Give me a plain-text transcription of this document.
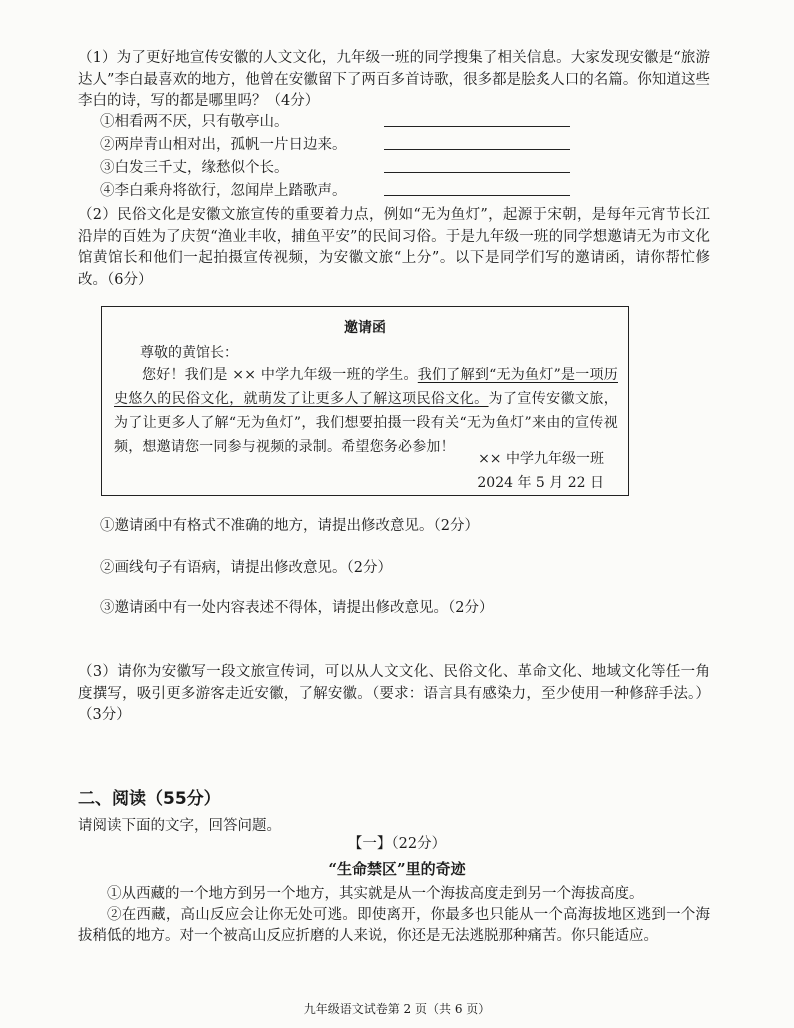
（1）为了更好地宣传安徽的人文文化，九年级一班的同学搜集了相关信息。大家发现安徽是“旅游达人”李白最喜欢的地方，他曾在安徽留下了两百多首诗歌，很多都是脍炙人口的名篇。你知道这些李白的诗，写的都是哪里吗？（4分）
①相看两不厌，只有敬亭山。
②两岸青山相对出，孤帆一片日边来。
③白发三千丈，缘愁似个长。
④李白乘舟将欲行，忽闻岸上踏歌声。
（2）民俗文化是安徽文旅宣传的重要着力点，例如“无为鱼灯”，起源于宋朝，是每年元宵节长江沿岸的百姓为了庆贺“渔业丰收，捕鱼平安”的民间习俗。于是九年级一班的同学想邀请无为市文化馆黄馆长和他们一起拍摄宣传视频，为安徽文旅“上分”。以下是同学们写的邀请函，请你帮忙修改。（6分）
邀请函
尊敬的黄馆长：
您好！我们是 ×× 中学九年级一班的学生。我们了解到“无为鱼灯”是一项历史悠久的民俗文化，就萌发了让更多人了解这项民俗文化。为了宣传安徽文旅，为了让更多人了解“无为鱼灯”，我们想要拍摄一段有关“无为鱼灯”来由的宣传视频，想邀请您一同参与视频的录制。希望您务必参加！
×× 中学九年级一班
2024 年 5 月 22 日
①邀请函中有格式不准确的地方，请提出修改意见。（2分）
②画线句子有语病，请提出修改意见。（2分）
③邀请函中有一处内容表述不得体，请提出修改意见。（2分）
（3）请你为安徽写一段文旅宣传词，可以从人文文化、民俗文化、革命文化、地域文化等任一角度撰写，吸引更多游客走近安徽，了解安徽。（要求：语言具有感染力，至少使用一种修辞手法。）（3分）
二、阅读（55分）
请阅读下面的文字，回答问题。
【一】（22分）
“生命禁区”里的奇迹
①从西藏的一个地方到另一个地方，其实就是从一个海拔高度走到另一个海拔高度。
②在西藏，高山反应会让你无处可逃。即使离开，你最多也只能从一个高海拔地区逃到一个海拔稍低的地方。对一个被高山反应折磨的人来说，你还是无法逃脱那种痛苦。你只能适应。
九年级语文试卷第 2 页（共 6 页）
